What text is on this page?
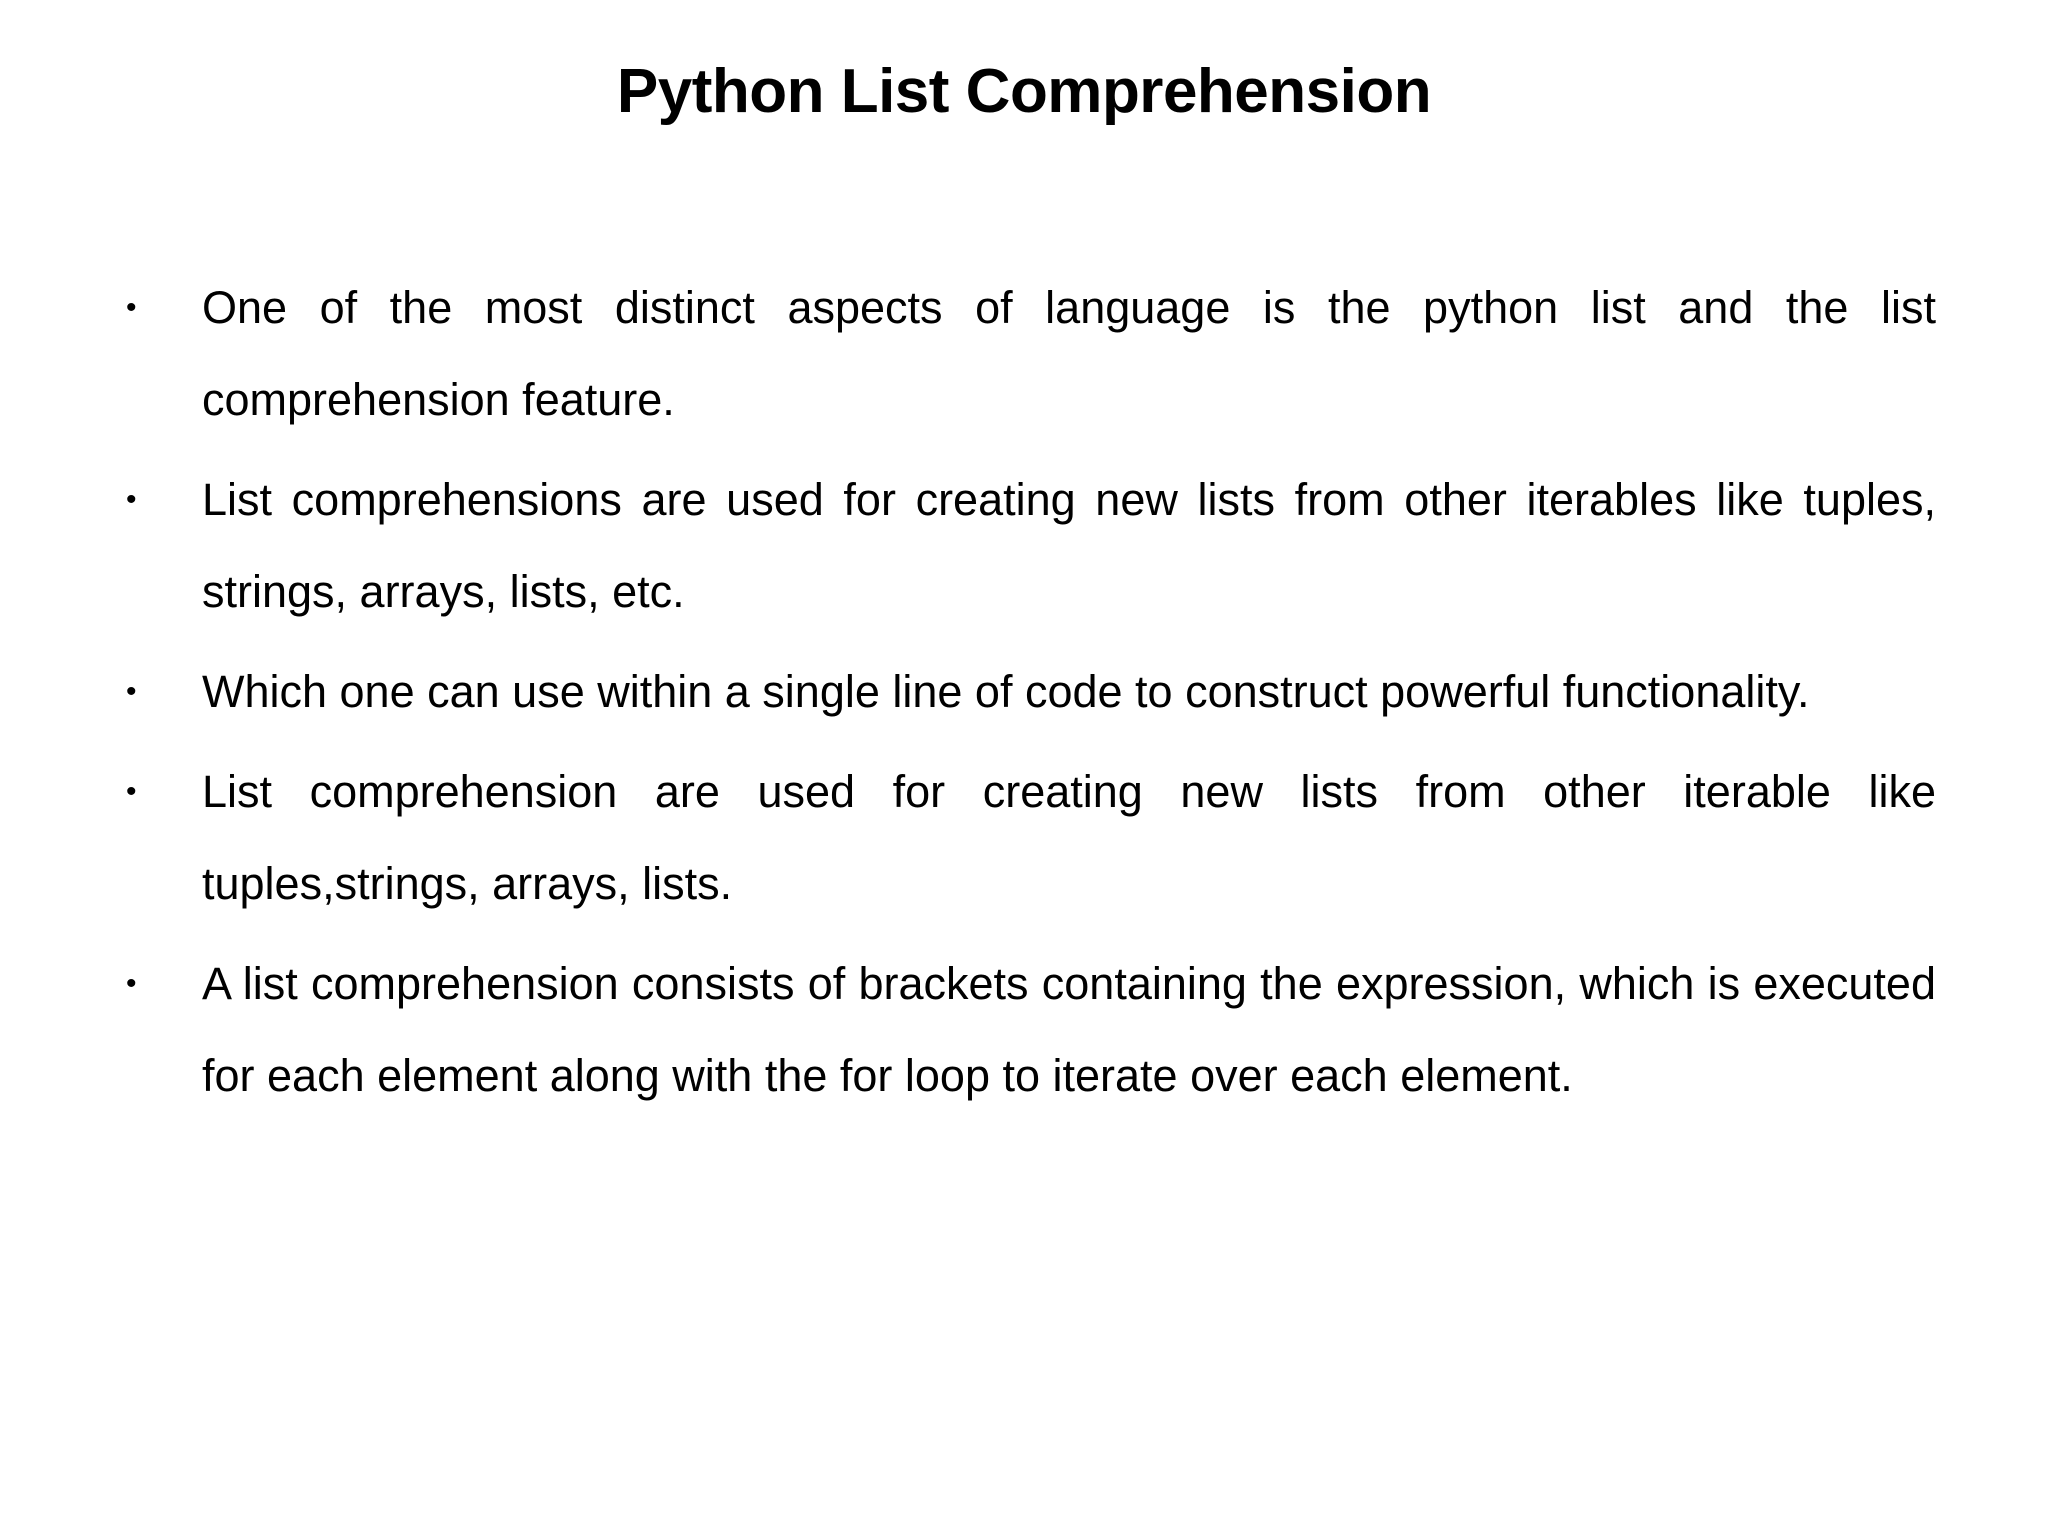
Python List Comprehension
•	One of the most distinct aspects of language is the python list and the list comprehension feature.

•	List comprehensions are used for creating new lists from other iterables like tuples, strings, arrays, lists, etc.

•	Which one can use within a single line of code to construct powerful functionality.

•	List comprehension are used for creating new lists from other iterable like tuples,strings, arrays, lists.

•	A list comprehension consists of brackets containing the expression, which is executed for each element along with the for loop to iterate over each element.
